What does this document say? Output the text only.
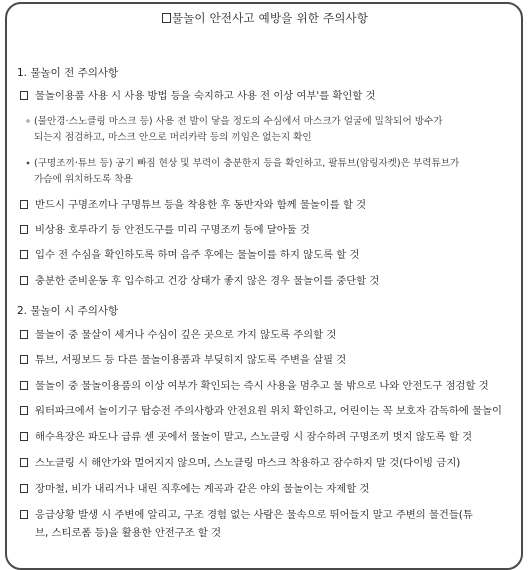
물놀이 안전사고 예방을 위한 주의사항
1. 물놀이 전 주의사항
물놀이용품 사용 시 사용 방법 등을 숙지하고 사용 전 이상 여부'를 확인할 것
∘ (물안경·스노클링 마스크 등) 사용 전 발이 닿을 정도의 수심에서 마스크가 얼굴에 밀착되어 방수가
되는지 점검하고, 마스크 안으로 머리카락 등의 끼임은 없는지 확인
∙ (구명조끼·튜브 등) 공기 빠짐 현상 및 부력이 충분한지 등을 확인하고, 팔튜브(암링자켓)은 부력튜브가
가슴에 위치하도록 착용
반드시 구명조끼나 구명튜브 등을 착용한 후 동반자와 함께 물놀이를 할 것
비상용 호루라기 등 안전도구를 미리 구명조끼 등에 달아둘 것
입수 전 수심을 확인하도록 하며 음주 후에는 물놀이를 하지 않도록 할 것
충분한 준비운동 후 입수하고 건강 상태가 좋지 않은 경우 물놀이를 중단할 것
2. 물놀이 시 주의사항
물놀이 중 물살이 세거나 수심이 깊은 곳으로 가지 않도록 주의할 것
튜브, 서핑보드 등 다른 물놀이용품과 부딪히지 않도록 주변을 살필 것
물놀이 중 물놀이용품의 이상 여부가 확인되는 즉시 사용을 멈추고 물 밖으로 나와 안전도구 점검할 것
워터파크에서 놀이기구 탑승전 주의사항과 안전요원 위치 확인하고, 어린이는 꼭 보호자 감독하에 물놀이
해수욕장은 파도나 급류 센 곳에서 물놀이 말고, 스노클링 시 잠수하려 구명조끼 벗지 않도록 할 것
스노클링 시 해안가와 멀어지지 않으며, 스노클링 마스크 착용하고 잠수하지 말 것(다이빙 금지)
장마철, 비가 내리거나 내린 직후에는 계곡과 같은 야외 물놀이는 자제할 것
응급상황 발생 시 주변에 알리고, 구조 경험 없는 사람은 물속으로 뛰어들지 말고 주변의 물건들(튜
브, 스티로폼 등)을 활용한 안전구조 할 것
